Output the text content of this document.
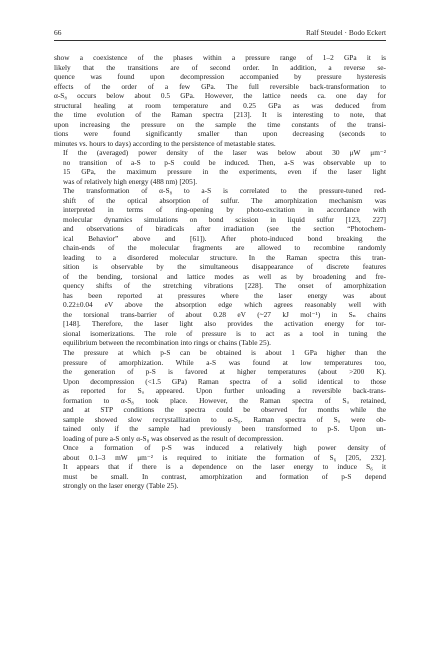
66	Ralf Steudel · Bodo Eckert

show a coexistence of the phases within a pressure range of 1–2 GPa it is
likely that the transitions are of second order. In addition, a reverse se-
quence was found upon decompression accompanied by pressure hysteresis
effects of the order of a few GPa. The full reversible back-transformation to
α-S₈ occurs below about 0.5 GPa. However, the lattice needs ca. one day for
structural healing at room temperature and 0.25 GPa as was deduced from
the time evolution of the Raman spectra [213]. It is interesting to note, that
upon increasing the pressure on the sample the time constants of the transi-
tions were found significantly smaller than upon decreasing (seconds to
minutes vs. hours to days) according to the persistence of metastable states.

If the (averaged) power density of the laser was below about 30 μW μm⁻²
no transition of a-S to p-S could be induced. Then, a-S was observable up to
15 GPa, the maximum pressure in the experiments, even if the laser light
was of relatively high energy (488 nm) [205].

The transformation of α-S₈ to a-S is correlated to the pressure-tuned red-
shift of the optical absorption of sulfur. The amorphization mechanism was
interpreted in terms of ring-opening by photo-excitation in accordance with
molecular dynamics simulations on bond scission in liquid sulfur [123, 227]
and observations of biradicals after irradiation (see the section “Photochem-
ical Behavior” above and [61]). After photo-induced bond breaking the
chain-ends of the molecular fragments are allowed to recombine randomly
leading to a disordered molecular structure. In the Raman spectra this tran-
sition is observable by the simultaneous disappearance of discrete features
of the bending, torsional and lattice modes as well as by broadening and fre-
quency shifts of the stretching vibrations [228]. The onset of amorphization
has been reported at pressures where the laser energy was about
0.22±0.04 eV above the absorption edge which agrees reasonably well with
the torsional trans-barrier of about 0.28 eV (~27 kJ mol⁻¹) in Sₙ chains
[148]. Therefore, the laser light also provides the activation energy for tor-
sional isomerizations. The role of pressure is to act as a tool in tuning the
equilibrium between the recombination into rings or chains (Table 25).

The pressure at which p-S can be obtained is about 1 GPa higher than the
pressure of amorphization. While a-S was found at low temperatures too,
the generation of p-S is favored at higher temperatures (about >200 K).
Upon decompression (<1.5 GPa) Raman spectra of a solid identical to those
as reported for Sᵤ appeared. Upon further unloading a reversible back-trans-
formation to α-S₈ took place. However, the Raman spectra of Sᵤ retained,
and at STP conditions the spectra could be observed for months while the
sample showed slow recrystallization to α-S₈. Raman spectra of Sᵤ were ob-
tained only if the sample had previously been transformed to p-S. Upon un-
loading of pure a-S only α-S₈ was observed as the result of decompression.

Once a formation of p-S was induced a relatively high power density of
about 0.1–3 mW μm⁻² is required to initiate the formation of S₆ [205, 232].
It appears that if there is a dependence on the laser energy to induce S₆ it
must be small. In contrast, amorphization and formation of p-S depend
strongly on the laser energy (Table 25).
